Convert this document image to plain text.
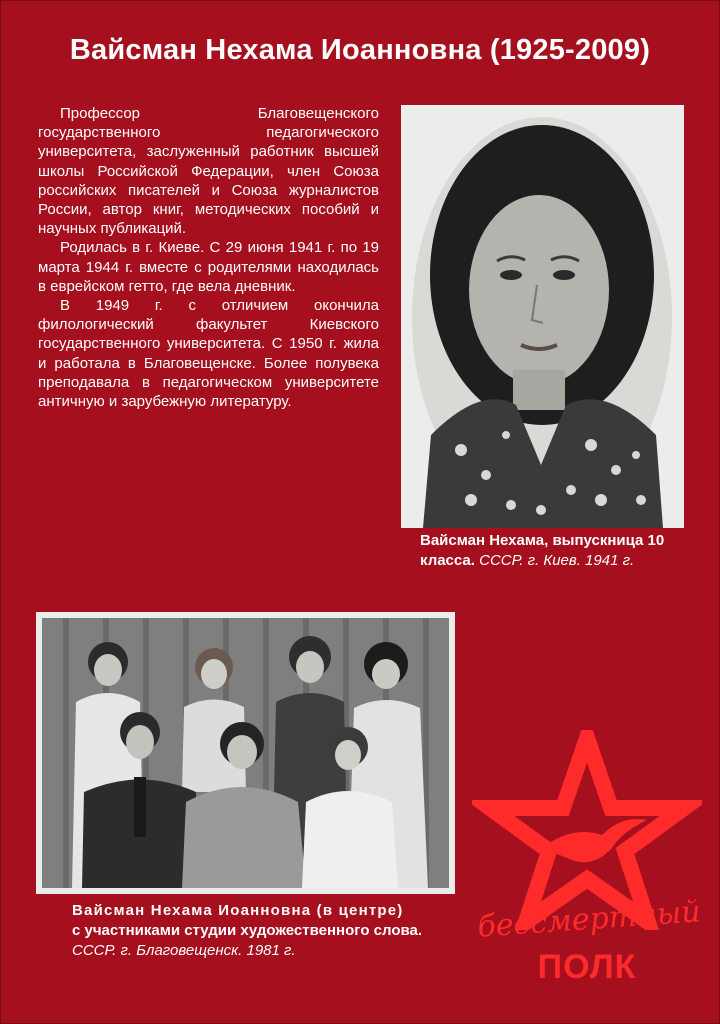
Вайсман Нехама Иоанновна (1925-2009)

Профессор Благовещенского государственного педагогического университета, заслуженный работник высшей школы Российской Федерации, член Союза российских писателей и Союза журналистов России, автор книг, методических пособий и научных публикаций.

Родилась в г. Киеве. С 29 июня 1941 г. по 19 марта 1944 г. вместе с родителями находилась в еврейском гетто, где вела дневник.

В 1949 г. с отличием окончила филологический факультет Киевского государственного университета. С 1950 г. жила и работала в Благовещенске. Более полувека преподавала в педагогическом университете античную и зарубежную литературу.

Вайсман Нехама, выпускница 10 класса. СССР. г. Киев. 1941 г.
Вайсман Нехама Иоанновна (в центре)
с участниками студии художественного слова.
СССР. г. Благовещенск. 1981 г.
бессмертный
ПОЛК
